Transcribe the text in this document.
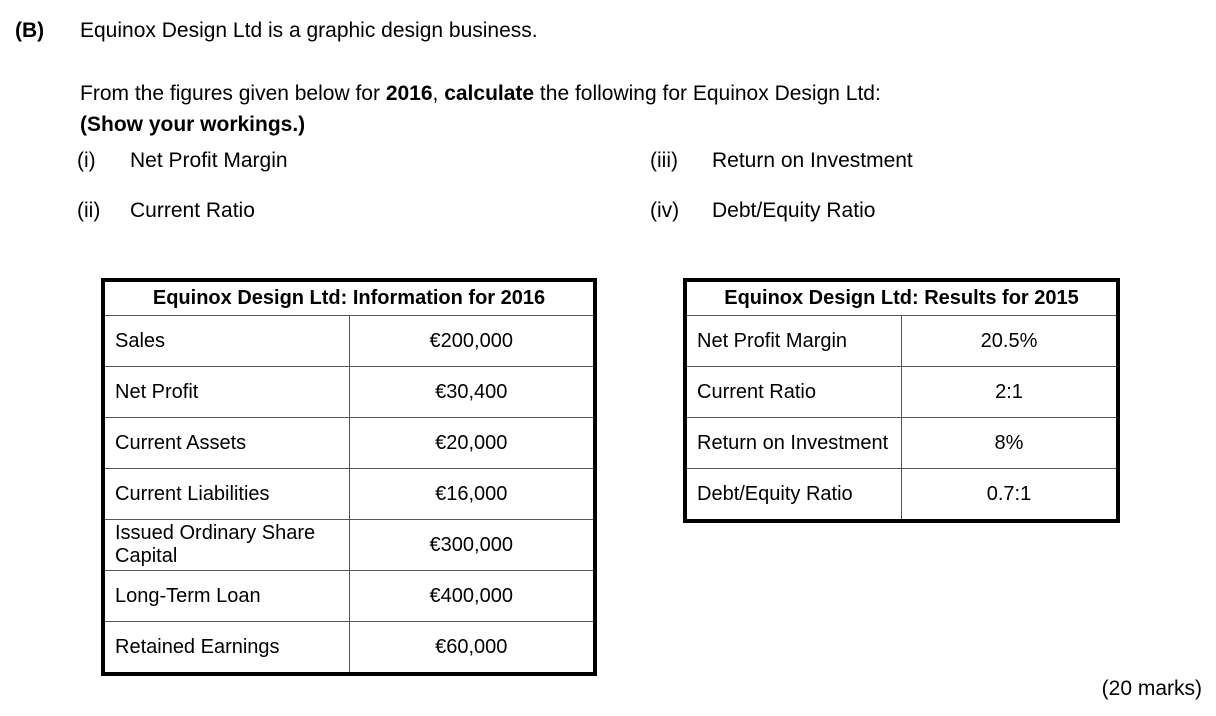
(B) Equinox Design Ltd is a graphic design business.
From the figures given below for 2016, calculate the following for Equinox Design Ltd:
(Show your workings.)
(i) Net Profit Margin
(ii) Current Ratio
(iii) Return on Investment
(iv) Debt/Equity Ratio
Equinox Design Ltd: Information for 2016	
Sales	€200,000
Net Profit	€30,400
Current Assets	€20,000
Current Liabilities	€16,000
Issued Ordinary Share Capital	€300,000
Long-Term Loan	€400,000
Retained Earnings	€60,000
Equinox Design Ltd: Results for 2015	
Net Profit Margin	20.5%
Current Ratio	2:1
Return on Investment	8%
Debt/Equity Ratio	0.7:1
(20 marks)
